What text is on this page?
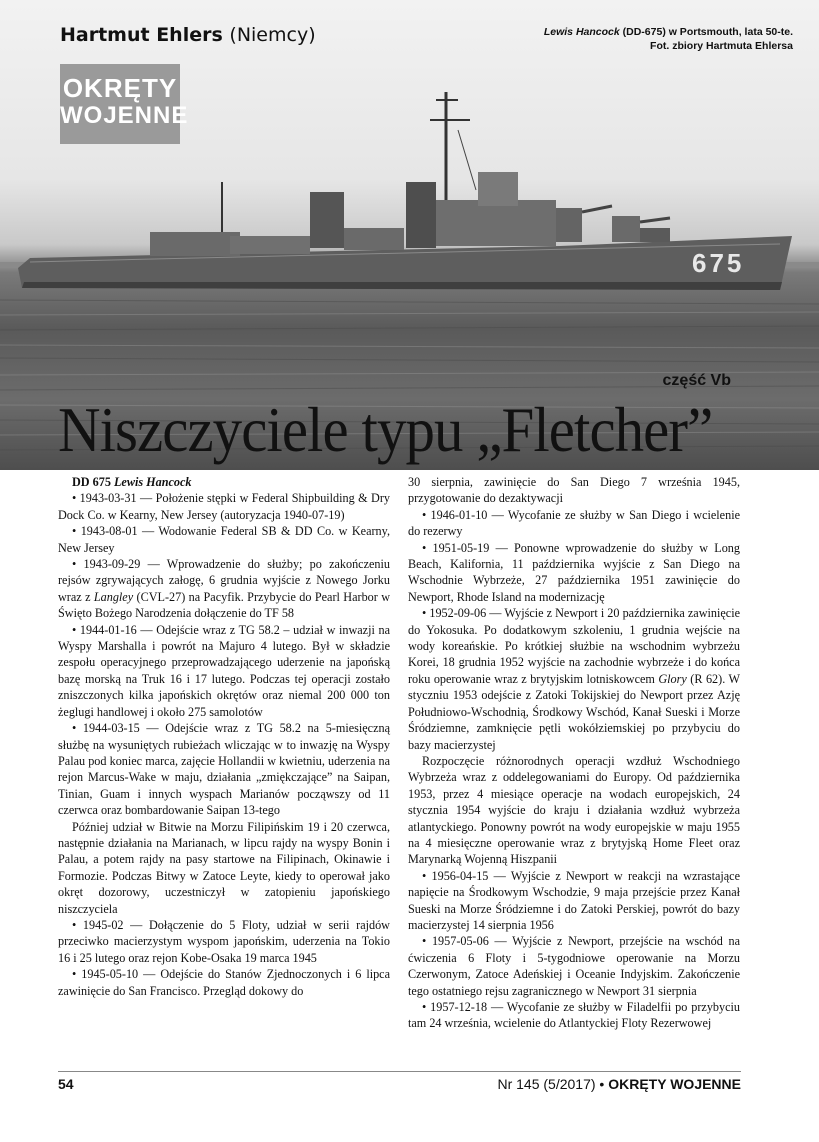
675
Hartmut Ehlers (Niemcy)	Lewis Hancock (DD-675) w Portsmouth, lata 50-te.
Fot. zbiory Hartmuta Ehlersa
OKRĘTY
WOJENNE
część Vb
Niszczyciele typu „Fletcher”

DD 675 Lewis Hancock

• 1943-03-31 — Położenie stępki w Federal Shipbuilding & Dry Dock Co. w Kearny, New Jersey (autoryzacja 1940-07-19)

• 1943-08-01 — Wodowanie Federal SB & DD Co. w Kearny, New Jersey

• 1943-09-29 — Wprowadzenie do służby; po zakończeniu rejsów zgrywających załogę, 6 grudnia wyjście z Nowego Jorku wraz z Langley (CVL-27) na Pacyfik. Przybycie do Pearl Harbor w Święto Bożego Narodzenia dołączenie do TF 58

• 1944-01-16 — Odejście wraz z TG 58.2 – udział w inwazji na Wyspy Marshalla i powrót na Majuro 4 lutego. Był w składzie zespołu operacyjnego przeprowadzającego uderzenie na japońską bazę morską na Truk 16 i 17 lutego. Podczas tej operacji zostało zniszczonych kilka japońskich okrętów oraz niemal 200 000 ton żeglugi handlowej i około 275 samolotów

• 1944-03-15 — Odejście wraz z TG 58.2 na 5-miesięczną służbę na wysuniętych rubieżach wliczając w to inwazję na Wyspy Palau pod koniec marca, zajęcie Hollandii w kwietniu, uderzenia na rejon Marcus-Wake w maju, działania „zmiękczające” na Saipan, Tinian, Guam i innych wyspach Marianów począwszy od 11 czerwca oraz bombardowanie Saipan 13-tego

Później udział w Bitwie na Morzu Filipińskim 19 i 20 czerwca, następnie działania na Marianach, w lipcu rajdy na wyspy Bonin i Palau, a potem rajdy na pasy startowe na Filipinach, Okinawie i Formozie. Podczas Bitwy w Zatoce Leyte, kiedy to operował jako okręt dozorowy, uczestniczył w zatopieniu japońskiego niszczyciela

• 1945-02 — Dołączenie do 5 Floty, udział w serii rajdów przeciwko macierzystym wyspom japońskim, uderzenia na Tokio 16 i 25 lutego oraz rejon Kobe-Osaka 19 marca 1945

• 1945-05-10 — Odejście do Stanów Zjednoczonych i 6 lipca zawinięcie do San Francisco. Przegląd dokowy do

30 sierpnia, zawinięcie do San Diego 7 września 1945, przygotowanie do dezaktywacji

• 1946-01-10 — Wycofanie ze służby w San Diego i wcielenie do rezerwy

• 1951-05-19 — Ponowne wprowadzenie do służby w Long Beach, Kalifornia, 11 października wyjście z San Diego na Wschodnie Wybrzeże, 27 października 1951 zawinięcie do Newport, Rhode Island na modernizację

• 1952-09-06 — Wyjście z Newport i 20 października zawinięcie do Yokosuka. Po dodatkowym szkoleniu, 1 grudnia wejście na wody koreańskie. Po krótkiej służbie na wschodnim wybrzeżu Korei, 18 grudnia 1952 wyjście na zachodnie wybrzeże i do końca roku operowanie wraz z brytyjskim lotniskowcem Glory (R 62). W styczniu 1953 odejście z Zatoki Tokijskiej do Newport przez Azję Południowo-Wschodnią, Środkowy Wschód, Kanał Sueski i Morze Śródziemne, zamknięcie pętli wokółziemskiej po przybyciu do bazy macierzystej

Rozpoczęcie różnorodnych operacji wzdłuż Wschodniego Wybrzeża wraz z oddelegowaniami do Europy. Od października 1953, przez 4 miesiące operacje na wodach europejskich, 24 stycznia 1954 wyjście do kraju i działania wzdłuż wybrzeża atlantyckiego. Ponowny powrót na wody europejskie w maju 1955 na 4 miesięczne operowanie wraz z brytyjską Home Fleet oraz Marynarką Wojenną Hiszpanii

• 1956-04-15 — Wyjście z Newport w reakcji na wzrastające napięcie na Środkowym Wschodzie, 9 maja przejście przez Kanał Sueski na Morze Śródziemne i do Zatoki Perskiej, powrót do bazy macierzystej 14 sierpnia 1956

• 1957-05-06 — Wyjście z Newport, przejście na wschód na ćwiczenia 6 Floty i 5-tygodniowe operowanie na Morzu Czerwonym, Zatoce Adeńskiej i Oceanie Indyjskim. Zakończenie tego ostatniego rejsu zagranicznego w Newport 31 sierpnia

• 1957-12-18 — Wycofanie ze służby w Filadelfii po przybyciu tam 24 września, wcielenie do Atlantyckiej Floty Rezerwowej

54	Nr 145 (5/2017) • OKRĘTY WOJENNE
